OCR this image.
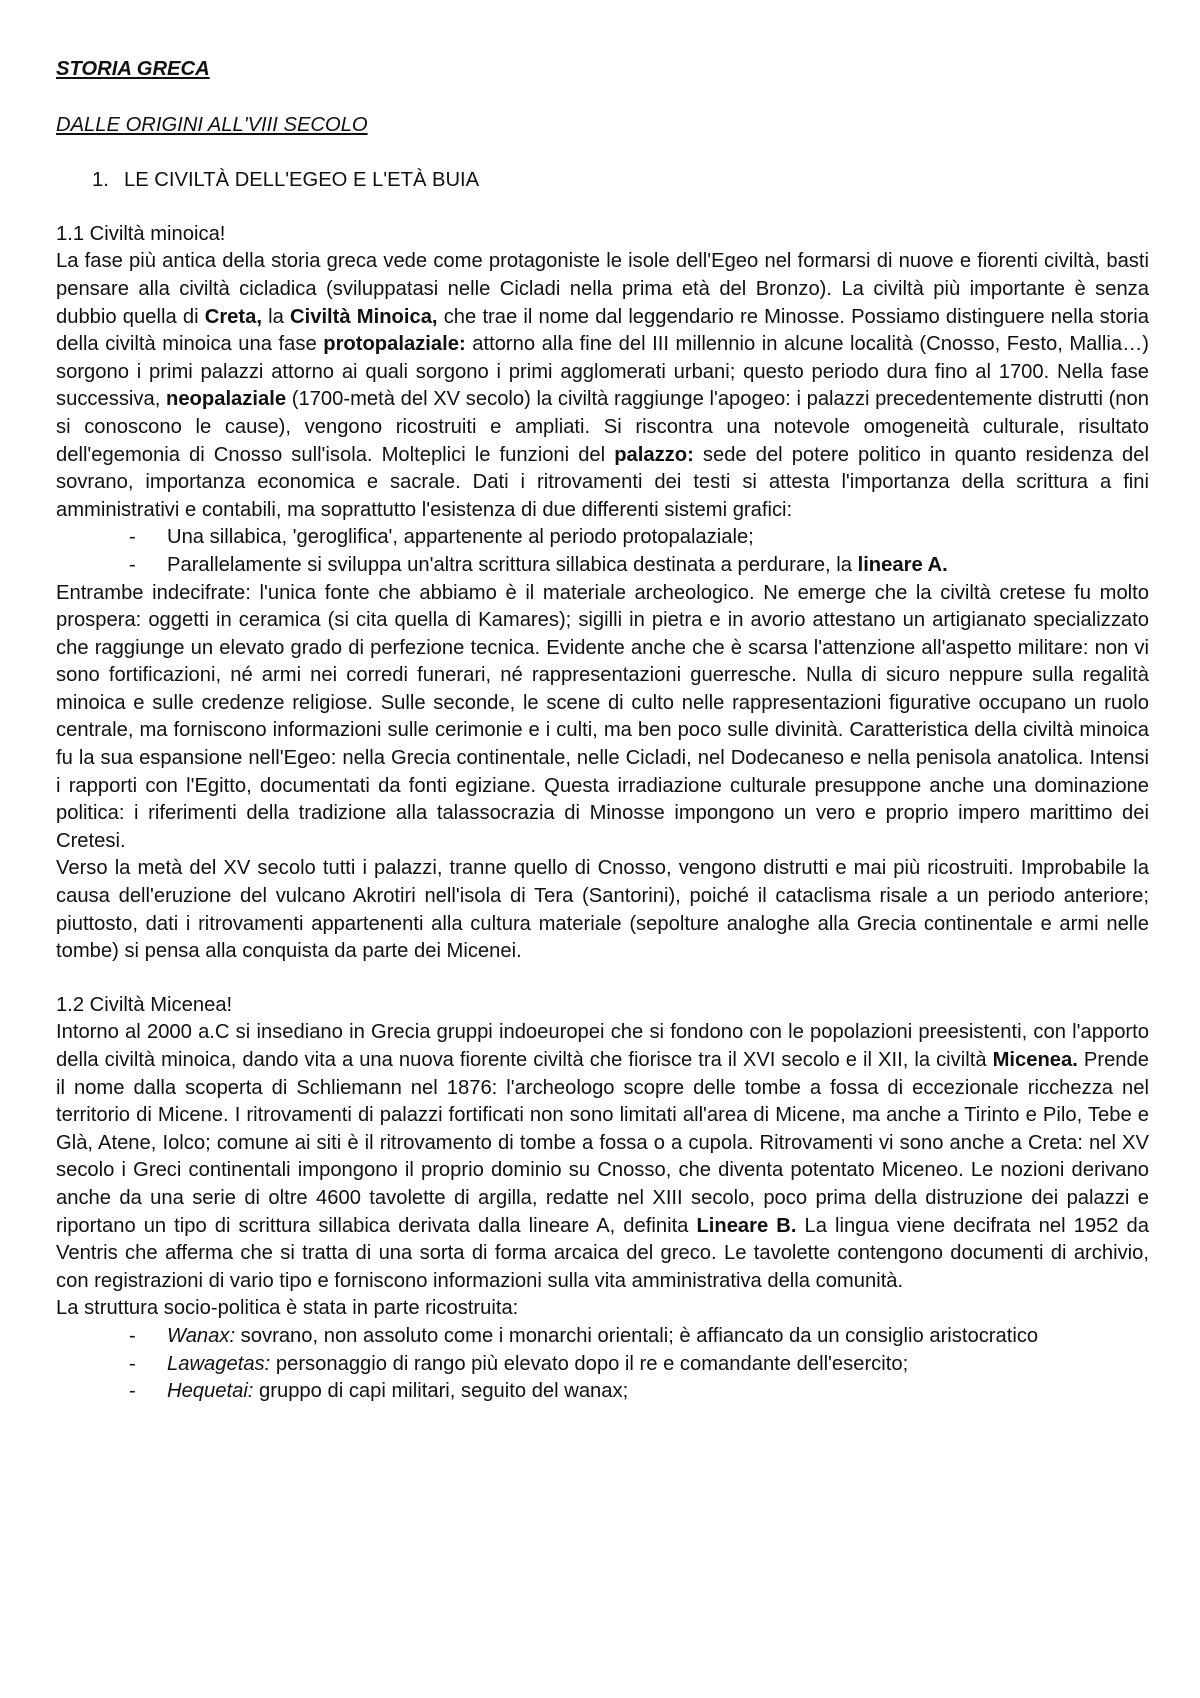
STORIA GRECA
DALLE ORIGINI ALL'VIII SECOLO
1. LE CIVILTÀ DELL'EGEO E L'ETÀ BUIA
1.1 Civiltà minoica!

La fase più antica della storia greca vede come protagoniste le isole dell'Egeo nel formarsi di nuove e fiorenti civiltà, basti pensare alla civiltà cicladica (sviluppatasi nelle Cicladi nella prima età del Bronzo). La civiltà più importante è senza dubbio quella di Creta, la Civiltà Minoica, che trae il nome dal leggendario re Minosse. Possiamo distinguere nella storia della civiltà minoica una fase protopalaziale: attorno alla fine del III millennio in alcune località (Cnosso, Festo, Mallia…) sorgono i primi palazzi attorno ai quali sorgono i primi agglomerati urbani; questo periodo dura fino al 1700. Nella fase successiva, neopalaziale (1700-metà del XV secolo) la civiltà raggiunge l'apogeo: i palazzi precedentemente distrutti (non si conoscono le cause), vengono ricostruiti e ampliati. Si riscontra una notevole omogeneità culturale, risultato dell'egemonia di Cnosso sull'isola. Molteplici le funzioni del palazzo: sede del potere politico in quanto residenza del sovrano, importanza economica e sacrale. Dati i ritrovamenti dei testi si attesta l'importanza della scrittura a fini amministrativi e contabili, ma soprattutto l'esistenza di due differenti sistemi grafici:

- Una sillabica, 'geroglifica', appartenente al periodo protopalaziale;
- Parallelamente si sviluppa un'altra scrittura sillabica destinata a perdurare, la lineare A.

Entrambe indecifrate: l'unica fonte che abbiamo è il materiale archeologico. Ne emerge che la civiltà cretese fu molto prospera: oggetti in ceramica (si cita quella di Kamares); sigilli in pietra e in avorio attestano un artigianato specializzato che raggiunge un elevato grado di perfezione tecnica. Evidente anche che è scarsa l'attenzione all'aspetto militare: non vi sono fortificazioni, né armi nei corredi funerari, né rappresentazioni guerresche. Nulla di sicuro neppure sulla regalità minoica e sulle credenze religiose. Sulle seconde, le scene di culto nelle rappresentazioni figurative occupano un ruolo centrale, ma forniscono informazioni sulle cerimonie e i culti, ma ben poco sulle divinità. Caratteristica della civiltà minoica fu la sua espansione nell'Egeo: nella Grecia continentale, nelle Cicladi, nel Dodecaneso e nella penisola anatolica. Intensi i rapporti con l'Egitto, documentati da fonti egiziane. Questa irradiazione culturale presuppone anche una dominazione politica: i riferimenti della tradizione alla talassocrazia di Minosse impongono un vero e proprio impero marittimo dei Cretesi.

Verso la metà del XV secolo tutti i palazzi, tranne quello di Cnosso, vengono distrutti e mai più ricostruiti. Improbabile la causa dell'eruzione del vulcano Akrotiri nell'isola di Tera (Santorini), poiché il cataclisma risale a un periodo anteriore; piuttosto, dati i ritrovamenti appartenenti alla cultura materiale (sepolture analoghe alla Grecia continentale e armi nelle tombe) si pensa alla conquista da parte dei Micenei.

1.2 Civiltà Micenea!

Intorno al 2000 a.C si insediano in Grecia gruppi indoeuropei che si fondono con le popolazioni preesistenti, con l'apporto della civiltà minoica, dando vita a una nuova fiorente civiltà che fiorisce tra il XVI secolo e il XII, la civiltà Micenea. Prende il nome dalla scoperta di Schliemann nel 1876: l'archeologo scopre delle tombe a fossa di eccezionale ricchezza nel territorio di Micene. I ritrovamenti di palazzi fortificati non sono limitati all'area di Micene, ma anche a Tirinto e Pilo, Tebe e Glà, Atene, Iolco; comune ai siti è il ritrovamento di tombe a fossa o a cupola. Ritrovamenti vi sono anche a Creta: nel XV secolo i Greci continentali impongono il proprio dominio su Cnosso, che diventa potentato Miceneo. Le nozioni derivano anche da una serie di oltre 4600 tavolette di argilla, redatte nel XIII secolo, poco prima della distruzione dei palazzi e riportano un tipo di scrittura sillabica derivata dalla lineare A, definita Lineare B. La lingua viene decifrata nel 1952 da Ventris che afferma che si tratta di una sorta di forma arcaica del greco. Le tavolette contengono documenti di archivio, con registrazioni di vario tipo e forniscono informazioni sulla vita amministrativa della comunità.

La struttura socio-politica è stata in parte ricostruita:

- Wanax: sovrano, non assoluto come i monarchi orientali; è affiancato da un consiglio aristocratico
- Lawagetas: personaggio di rango più elevato dopo il re e comandante dell'esercito;
- Hequetai: gruppo di capi militari, seguito del wanax;
